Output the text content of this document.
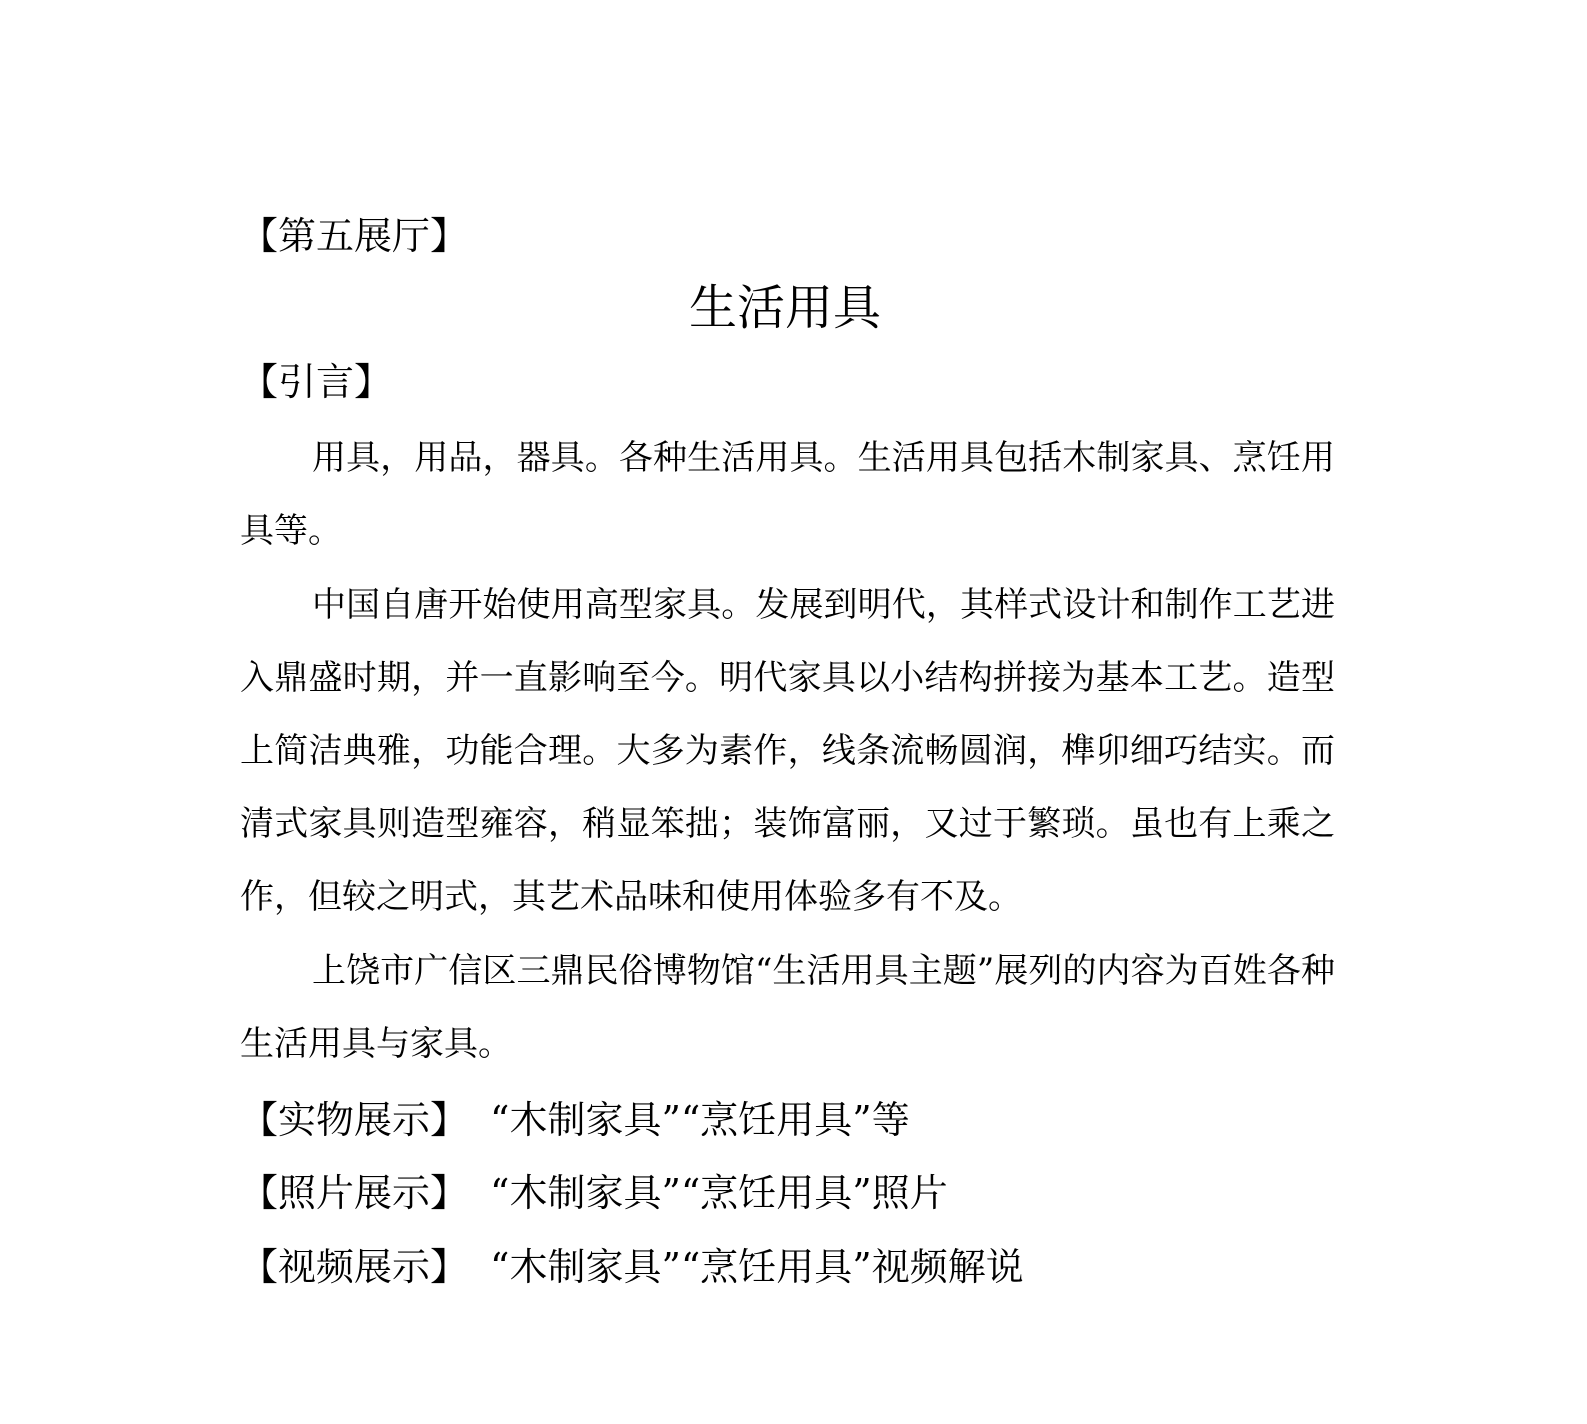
【第五展厅】
生活用具
【引言】

用具，用品，器具。各种生活用具。生活用具包括木制家具、烹饪用具等。

中国自唐开始使用高型家具。发展到明代，其样式设计和制作工艺进入鼎盛时期，并一直影响至今。明代家具以小结构拼接为基本工艺。造型上简洁典雅，功能合理。大多为素作，线条流畅圆润，榫卯细巧结实。而清式家具则造型雍容，稍显笨拙；装饰富丽，又过于繁琐。虽也有上乘之作，但较之明式，其艺术品味和使用体验多有不及。

上饶市广信区三鼎民俗博物馆“生活用具主题”展列的内容为百姓各种生活用具与家具。

【实物展示】 “木制家具”“烹饪用具”等
【照片展示】 “木制家具”“烹饪用具”照片
【视频展示】 “木制家具”“烹饪用具”视频解说
